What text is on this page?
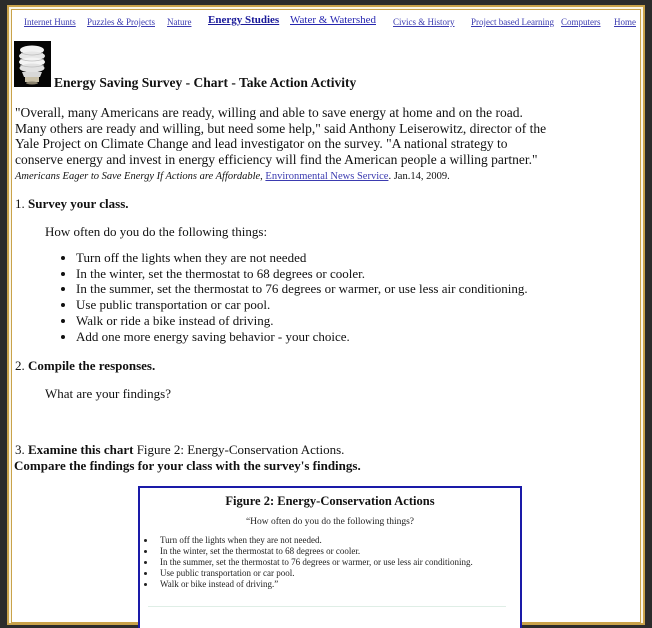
Internet Hunts Puzzles & Projects Nature Energy Studies Water & Watershed Civics & History Project based Learning Computers Home
Energy Saving Survey - Chart - Take Action Activity
"Overall, many Americans are ready, willing and able to save energy at home and on the road. Many others are ready and willing, but need some help," said Anthony Leiserowitz, director of the Yale Project on Climate Change and lead investigator on the survey. "A national strategy to conserve energy and invest in energy efficiency will find the American people a willing partner." Americans Eager to Save Energy If Actions are Affordable, Environmental News Service. Jan.14, 2009.
1. Survey your class.
How often do you do the following things:
• Turn off the lights when they are not needed
• In the winter, set the thermostat to 68 degrees or cooler.
• In the summer, set the thermostat to 76 degrees or warmer, or use less air conditioning.
• Use public transportation or car pool.
• Walk or ride a bike instead of driving.
• Add one more energy saving behavior - your choice.
2. Compile the responses.
What are your findings?
3. Examine this chart Figure 2: Energy-Conservation Actions.
Compare the findings for your class with the survey's findings.
Figure 2: Energy-Conservation Actions
“How often do you do the following things?
• Turn off the lights when they are not needed.
• In the winter, set the thermostat to 68 degrees or cooler.
• In the summer, set the thermostat to 76 degrees or warmer, or use less air conditioning.
• Use public transportation or car pool.
• Walk or bike instead of driving.”
